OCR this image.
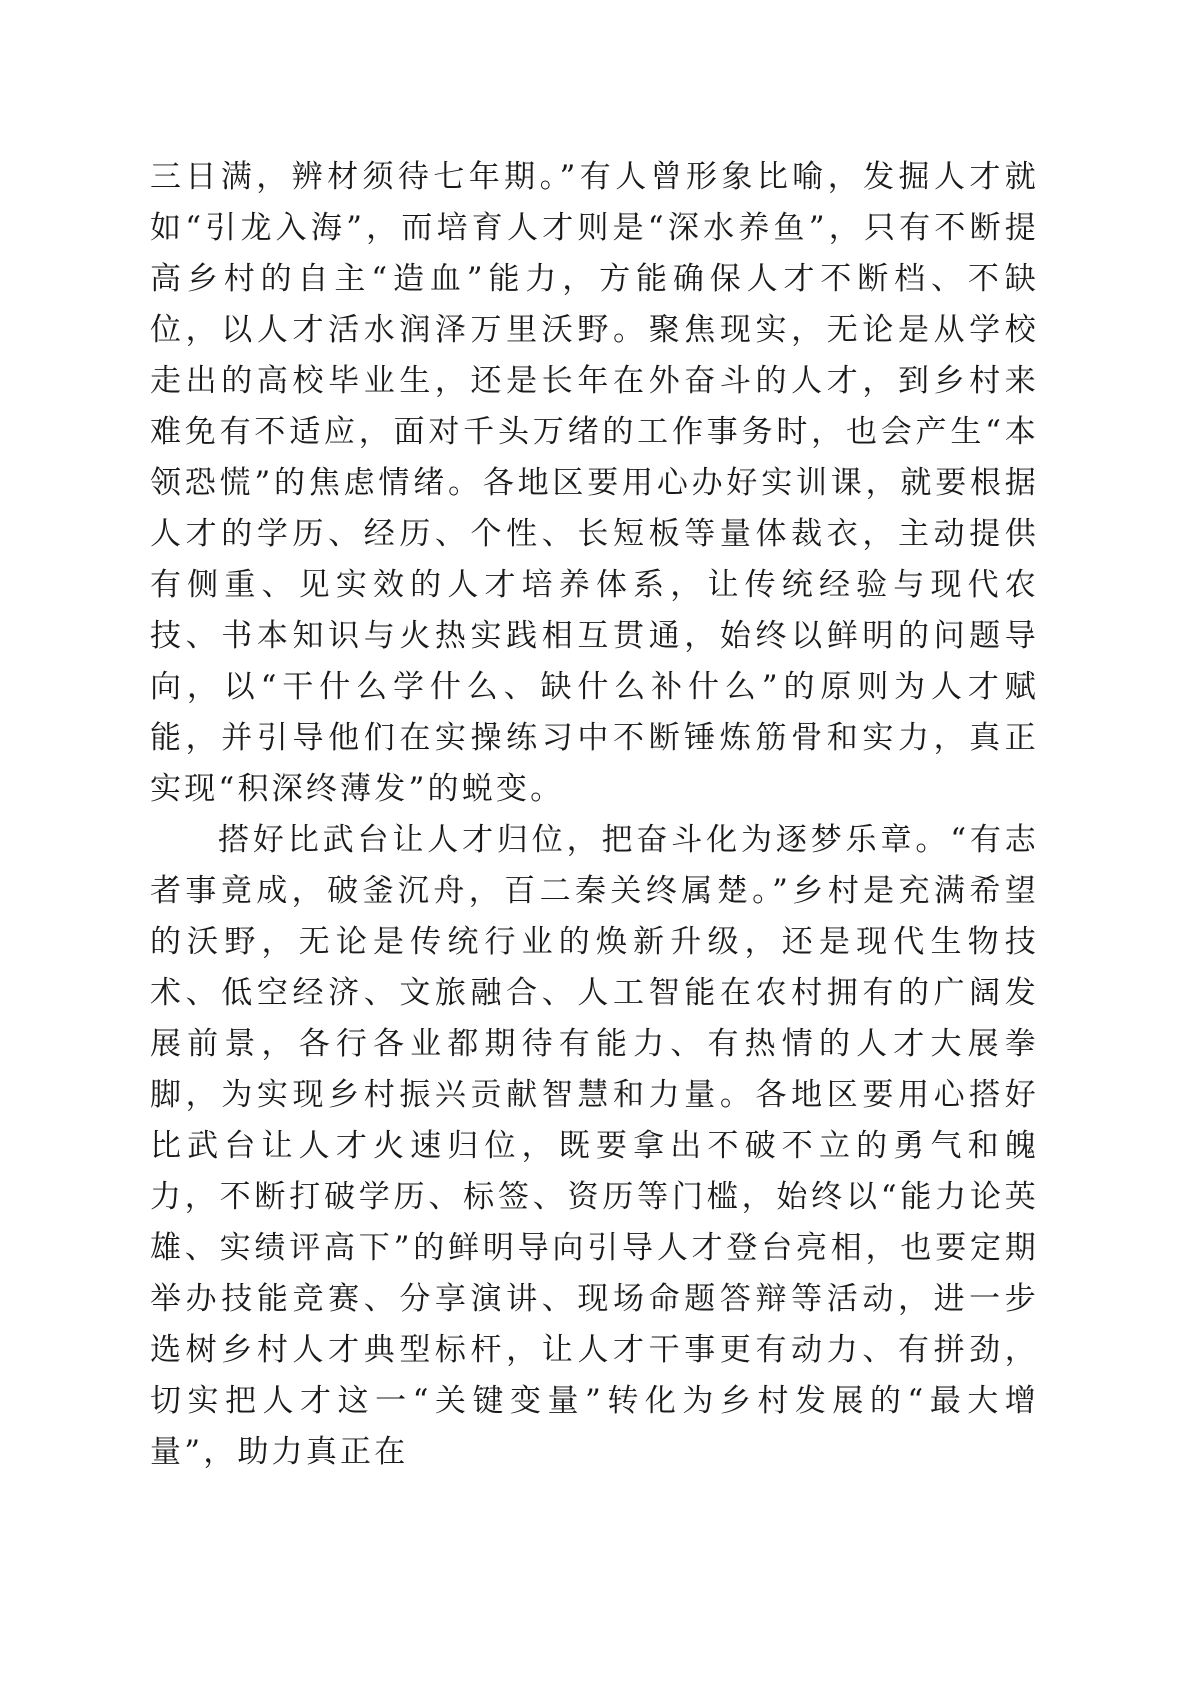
三日满，辨材须待七年期。”有人曾形象比喻，发掘人才就如“引龙入海”，而培育人才则是“深水养鱼”，只有不断提高乡村的自主“造血”能力，方能确保人才不断档、不缺位，以人才活水润泽万里沃野。聚焦现实，无论是从学校走出的高校毕业生，还是长年在外奋斗的人才，到乡村来难免有不适应，面对千头万绪的工作事务时，也会产生“本领恐慌”的焦虑情绪。各地区要用心办好实训课，就要根据人才的学历、经历、个性、长短板等量体裁衣，主动提供有侧重、见实效的人才培养体系，让传统经验与现代农技、书本知识与火热实践相互贯通，始终以鲜明的问题导向，以“干什么学什么、缺什么补什么”的原则为人才赋能，并引导他们在实操练习中不断锤炼筋骨和实力，真正实现“积深终薄发”的蜕变。

搭好比武台让人才归位，把奋斗化为逐梦乐章。“有志者事竟成，破釜沉舟，百二秦关终属楚。”乡村是充满希望的沃野，无论是传统行业的焕新升级，还是现代生物技术、低空经济、文旅融合、人工智能在农村拥有的广阔发展前景，各行各业都期待有能力、有热情的人才大展拳脚，为实现乡村振兴贡献智慧和力量。各地区要用心搭好比武台让人才火速归位，既要拿出不破不立的勇气和魄力，不断打破学历、标签、资历等门槛，始终以“能力论英雄、实绩评高下”的鲜明导向引导人才登台亮相，也要定期举办技能竞赛、分享演讲、现场命题答辩等活动，进一步选树乡村人才典型标杆，让人才干事更有动力、有拼劲，切实把人才这一“关键变量”转化为乡村发展的“最大增量”，助力真正在
